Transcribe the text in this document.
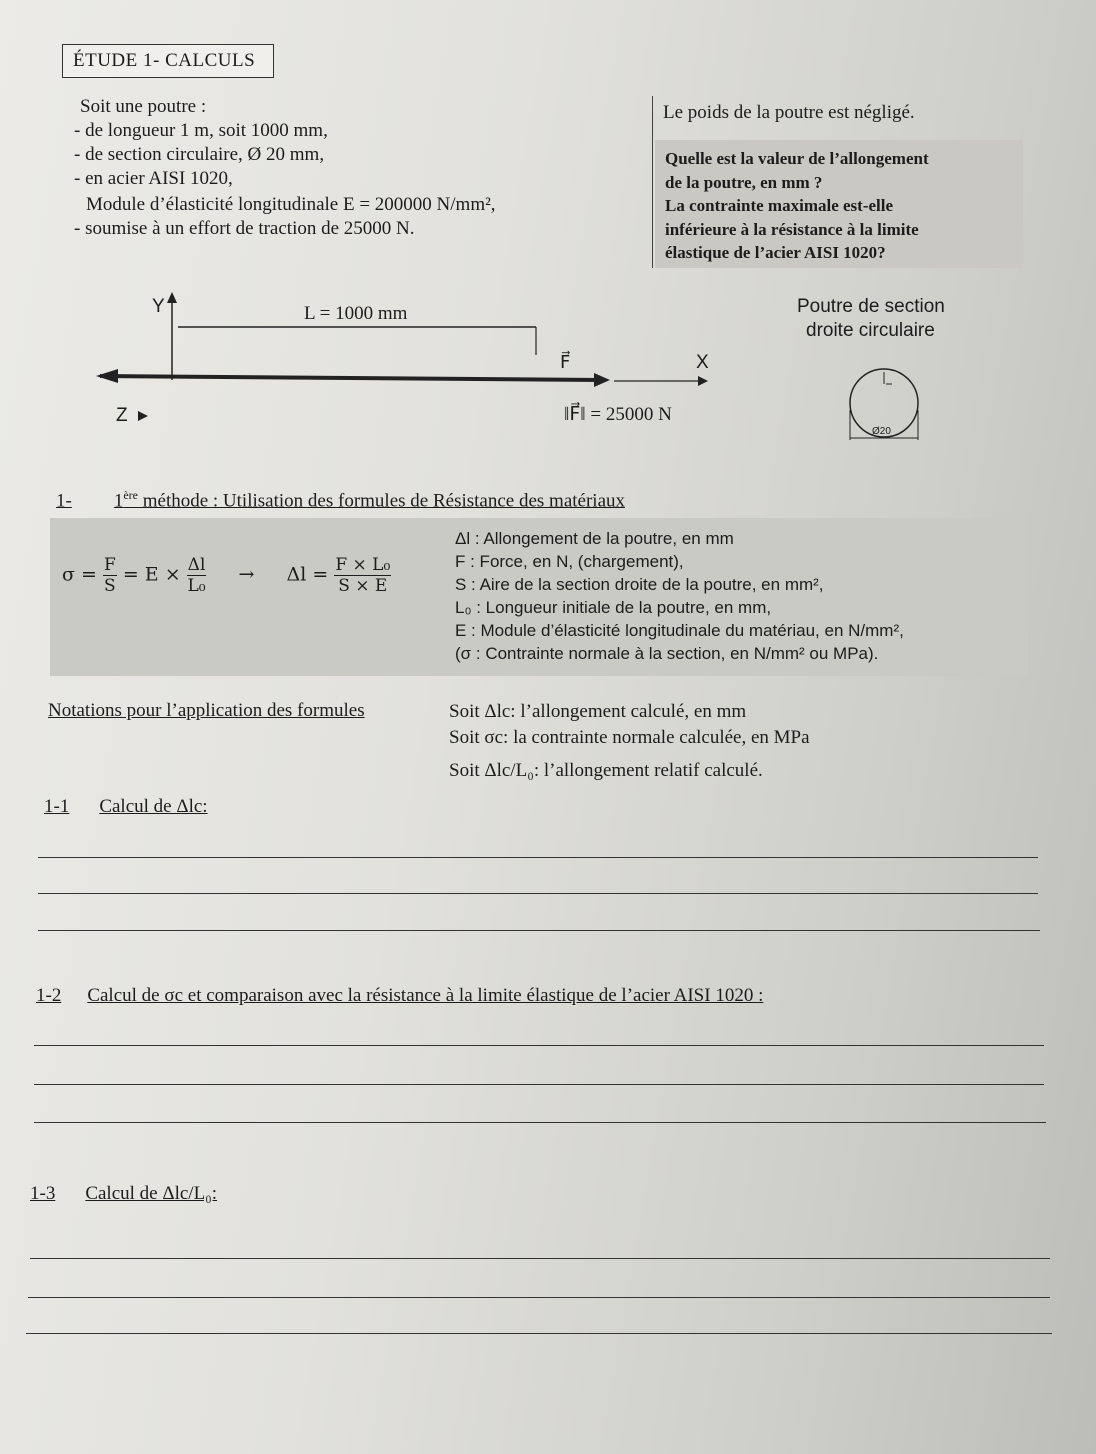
ÉTUDE 1- CALCULS
Soit une poutre :
- de longueur 1 m, soit 1000 mm,
- de section circulaire, Ø 20 mm,
- en acier AISI 1020,
Module d’élasticité longitudinale E = 200000 N/mm²,
- soumise à un effort de traction de 25000 N.
Le poids de la poutre est négligé.
Quelle est la valeur de l’allongement
de la poutre, en mm ?
La contrainte maximale est-elle
inférieure à la résistance à la limite
élastique de l’acier AISI 1020?
Y
Z
X
L = 1000 mm
F⃗
‖F⃗‖ = 25000 N
Poutre de section
droite circulaire
Ø20
1- 1ère méthode : Utilisation des formules de Résistance des matériaux
$\sigma = \frac{F}{S} = E \times \frac{\Delta l}{\text{L₀}} \to \Delta l = \frac{\text{F × L₀}}{S \times E}$
Δl : Allongement de la poutre, en mm
F : Force, en N, (chargement),
S : Aire de la section droite de la poutre, en mm²,
L₀ : Longueur initiale de la poutre, en mm,
E : Module d’élasticité longitudinale du matériau, en N/mm²,
(σ : Contrainte normale à la section, en N/mm² ou MPa).
Notations pour l’application des formules	Soit Δlc: l’allongement calculé, en mm
Soit σc: la contrainte normale calculée, en MPa
Soit Δlc/L₀: l’allongement relatif calculé.
1-1 Calcul de Δlc:
1-2 Calcul de σc et comparaison avec la résistance à la limite élastique de l’acier AISI 1020 :
1-3 Calcul de Δlc/L₀:
